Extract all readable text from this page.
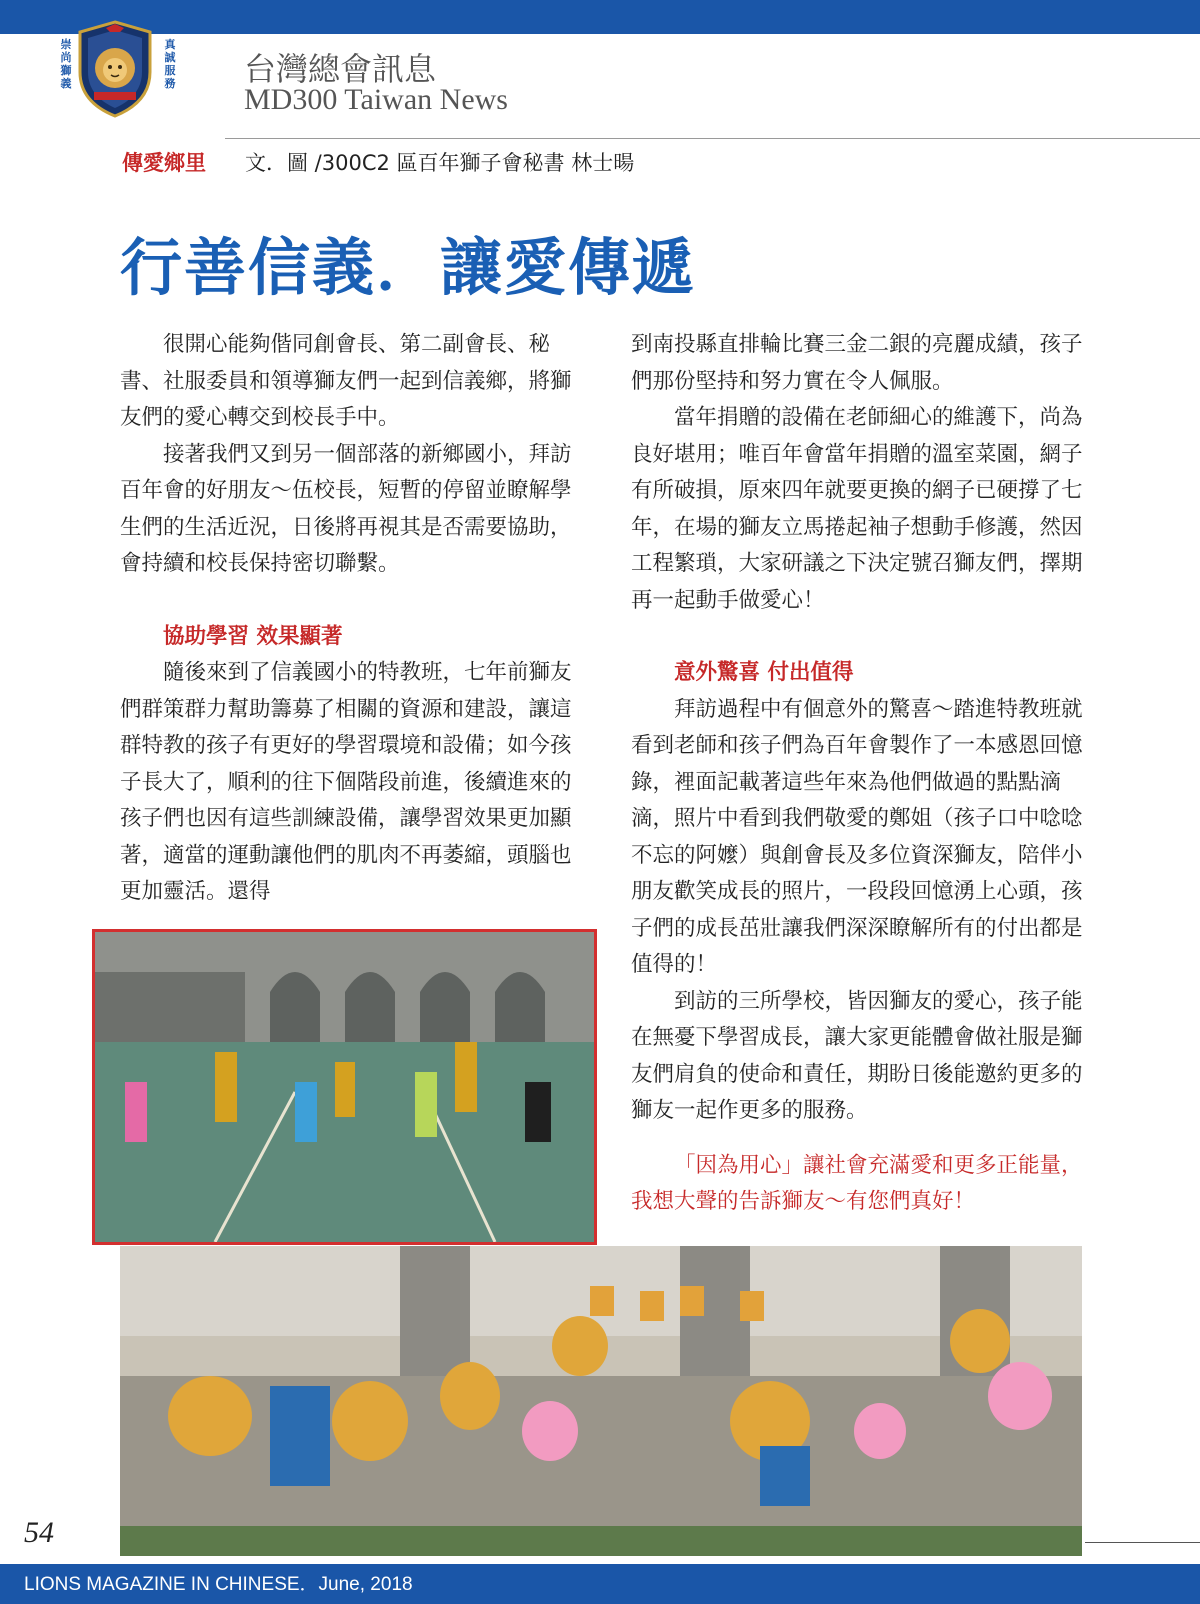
崇尚獅義
真誠服務 台灣總會訊息
MD300 Taiwan News
傳愛鄉里 文．圖 /300C2 區百年獅子會秘書 林士暘
行善信義．讓愛傳遞

很開心能夠偕同創會長、第二副會長、秘書、社服委員和領導獅友們一起到信義鄉，將獅友們的愛心轉交到校長手中。

接著我們又到另一個部落的新鄉國小，拜訪百年會的好朋友～伍校長，短暫的停留並瞭解學生們的生活近況，日後將再視其是否需要協助，會持續和校長保持密切聯繫。

協助學習 效果顯著

隨後來到了信義國小的特教班，七年前獅友們群策群力幫助籌募了相關的資源和建設，讓這群特教的孩子有更好的學習環境和設備；如今孩子長大了，順利的往下個階段前進，後續進來的孩子們也因有這些訓練設備，讓學習效果更加顯著，適當的運動讓他們的肌肉不再萎縮，頭腦也更加靈活。還得

到南投縣直排輪比賽三金二銀的亮麗成績，孩子們那份堅持和努力實在令人佩服。

當年捐贈的設備在老師細心的維護下，尚為良好堪用；唯百年會當年捐贈的溫室菜園，網子有所破損，原來四年就要更換的網子已硬撐了七年，在場的獅友立馬捲起袖子想動手修護，然因工程繁瑣，大家研議之下決定號召獅友們，擇期再一起動手做愛心！

意外驚喜 付出值得

拜訪過程中有個意外的驚喜～踏進特教班就看到老師和孩子們為百年會製作了一本感恩回憶錄，裡面記載著這些年來為他們做過的點點滴滴，照片中看到我們敬愛的鄭姐（孩子口中唸唸不忘的阿嬤）與創會長及多位資深獅友，陪伴小朋友歡笑成長的照片，一段段回憶湧上心頭，孩子們的成長茁壯讓我們深深瞭解所有的付出都是值得的！

到訪的三所學校，皆因獅友的愛心，孩子能在無憂下學習成長，讓大家更能體會做社服是獅友們肩負的使命和責任，期盼日後能邀約更多的獅友一起作更多的服務。

「因為用心」讓社會充滿愛和更多正能量，我想大聲的告訴獅友～有您們真好！

54
LIONS MAGAZINE IN CHINESE．June, 2018
